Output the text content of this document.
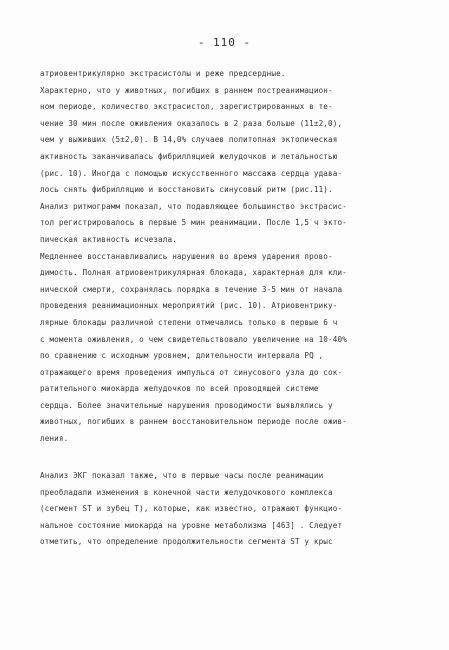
- 110 -
атриовентрикулярно экстрасистолы и реже предсердные.
Характерно, что у животных, погибших в раннем постреанимацион-
ном периоде, количество экстрасистол, зарегистрированных в те-
чение 30 мин после оживления оказалось в 2 раза больше (11±2,0),
чем у выживших (5±2,0). В 14,0% случаев политопная эктопическая
активность заканчивалась фибрилляцией желудочков и летальностью
(рис. 10). Иногда с помощью искусственного массажа сердца удава-
лось снять фибрилляцию и восстановить синусовый ритм (рис.11).
Анализ ритмограмм показал, что подавляющее большинство экстрасис-
тол регистрировалось в первые 5 мин реанимации. После 1,5 ч экто-
пическая активность исчезала.
Медленнее восстанавливались нарушения во время ударения прово-
димость. Полная атриовентрикулярная блокада, характерная для кли-
нической смерти, сохранялась порядка в течение 3-5 мин от начала
проведения реанимационных мероприятий (рис. 10). Атриовентрику-
лярные блокады различной степени отмечались только в первые 6 ч
с момента оживления, о чем свидетельствовало увеличение на 10-40%
по сравнению с исходным уровнем, длительности интервала PQ ,
отражающего время проведения импульса от синусового узла до сок-
ратительного миокарда желудочков по всей проводящей системе
сердца. Более значительные нарушения проводимости выявлялись у
животных, погибших в раннем восстановительном периоде после ожив-
ления.
Анализ ЭКГ показал также, что в первые часы после реанимации
преобладали изменения в конечной части желудочкового комплекса
(сегмент ST и зубец T), которые, как известно, отражают функцио-
нальное состояние миокарда на уровне метаболизма [463] . Следует
отметить, что определение продолжительности сегмента ST у крыс
